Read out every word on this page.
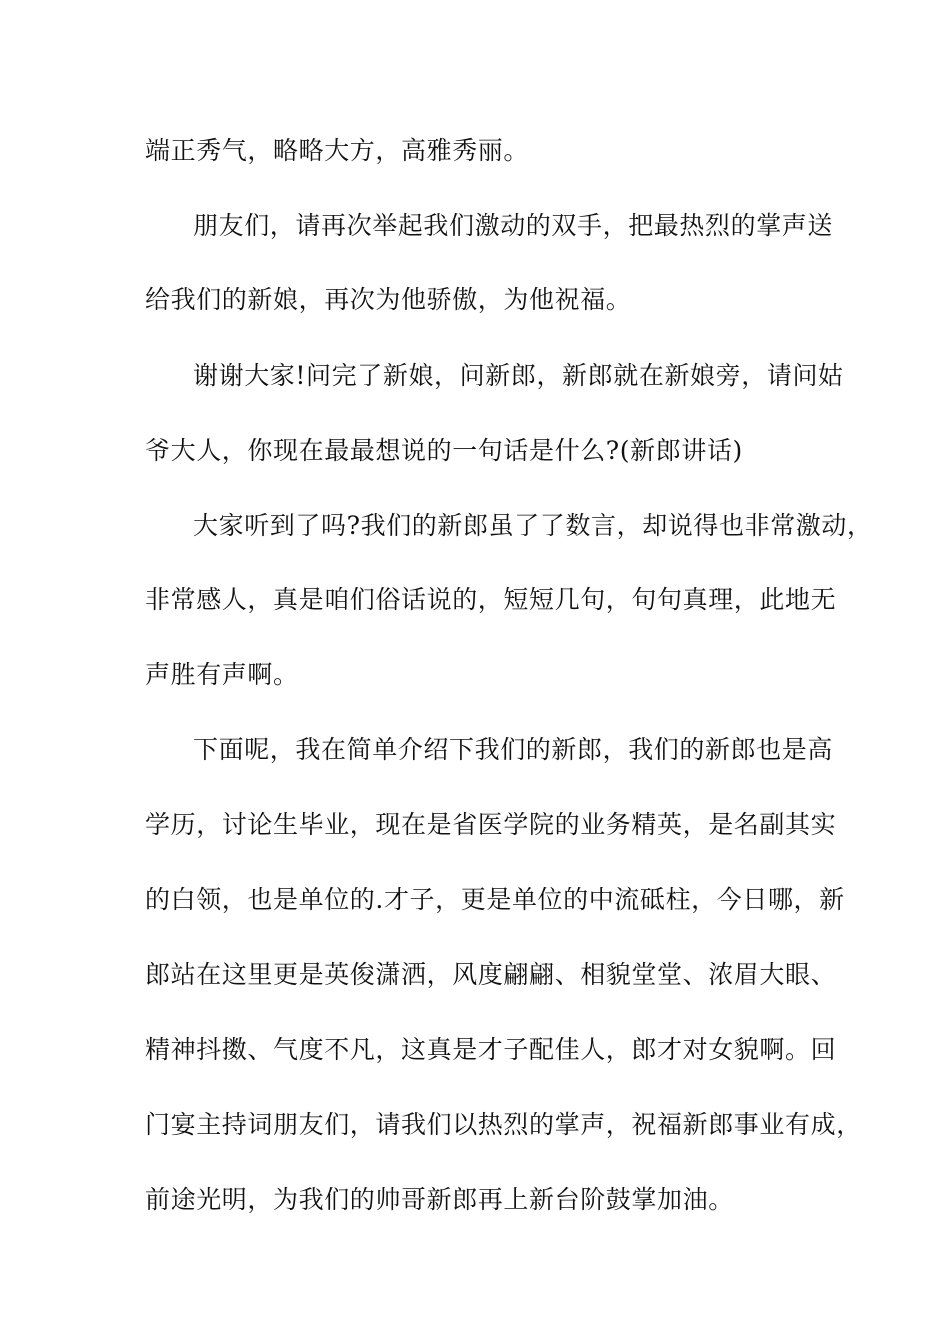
端正秀气，略略大方，高雅秀丽。
朋友们，请再次举起我们激动的双手，把最热烈的掌声送
给我们的新娘，再次为他骄傲，为他祝福。
谢谢大家!问完了新娘，问新郎，新郎就在新娘旁，请问姑
爷大人，你现在最最想说的一句话是什么?(新郎讲话)
大家听到了吗?我们的新郎虽了了数言，却说得也非常激动，
非常感人，真是咱们俗话说的，短短几句，句句真理，此地无
声胜有声啊。
下面呢，我在简单介绍下我们的新郎，我们的新郎也是高
学历，讨论生毕业，现在是省医学院的业务精英，是名副其实
的白领，也是单位的.才子，更是单位的中流砥柱，今日哪，新
郎站在这里更是英俊潇洒，风度翩翩、相貌堂堂、浓眉大眼、
精神抖擞、气度不凡，这真是才子配佳人，郎才对女貌啊。回
门宴主持词朋友们，请我们以热烈的掌声，祝福新郎事业有成，
前途光明，为我们的帅哥新郎再上新台阶鼓掌加油。
